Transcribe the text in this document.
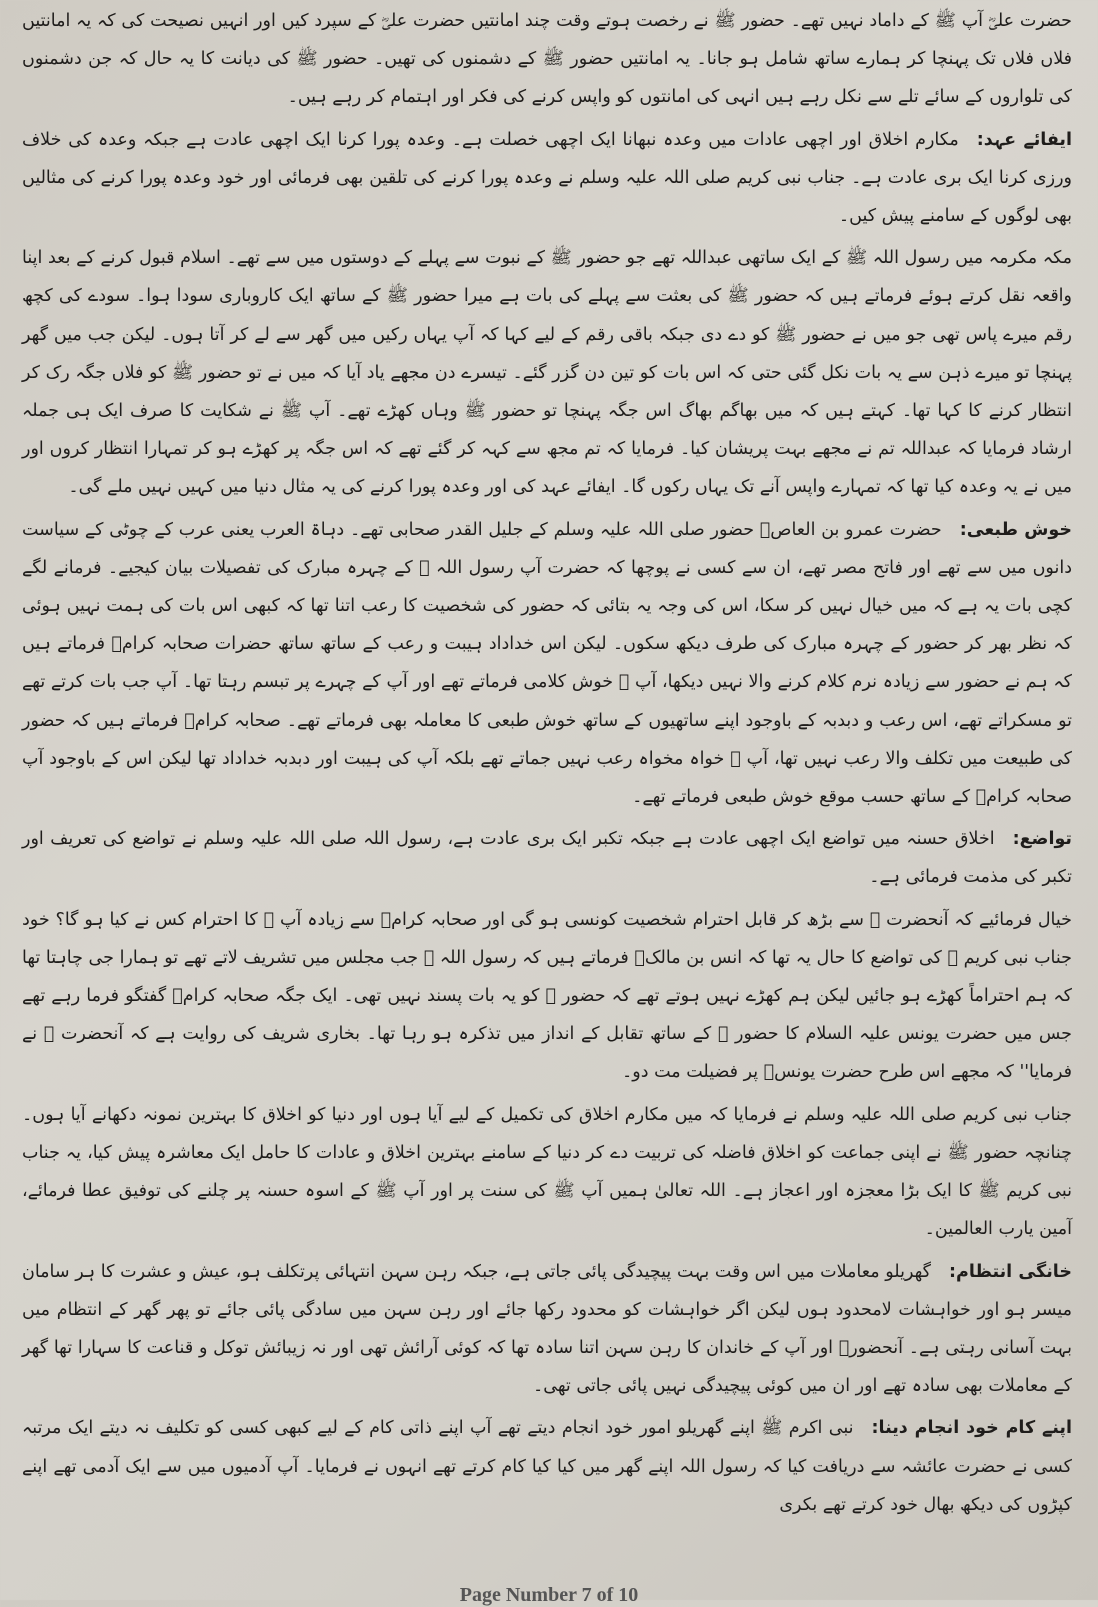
حضرت علیؓ آپ ﷺ کے داماد نہیں تھے۔ حضور ﷺ نے رخصت ہوتے وقت چند امانتیں حضرت علیؓ کے سپرد کیں اور انہیں نصیحت کی کہ یہ امانتیں فلاں فلاں تک پہنچا کر ہمارے ساتھ شامل ہو جانا۔ یہ امانتیں حضور ﷺ کے دشمنوں کی تھیں۔ حضور ﷺ کی دیانت کا یہ حال کہ جن دشمنوں کی تلواروں کے سائے تلے سے نکل رہے ہیں انہی کی امانتوں کو واپس کرنے کی فکر اور اہتمام کر رہے ہیں۔

ایفائے عہد:مکارم اخلاق اور اچھی عادات میں وعدہ نبھانا ایک اچھی خصلت ہے۔ وعدہ پورا کرنا ایک اچھی عادت ہے جبکہ وعدہ کی خلاف ورزی کرنا ایک بری عادت ہے۔ جناب نبی کریم صلی اللہ علیہ وسلم نے وعدہ پورا کرنے کی تلقین بھی فرمائی اور خود وعدہ پورا کرنے کی مثالیں بھی لوگوں کے سامنے پیش کیں۔

مکہ مکرمہ میں رسول اللہ ﷺ کے ایک ساتھی عبداللہ تھے جو حضور ﷺ کے نبوت سے پہلے کے دوستوں میں سے تھے۔ اسلام قبول کرنے کے بعد اپنا واقعہ نقل کرتے ہوئے فرماتے ہیں کہ حضور ﷺ کی بعثت سے پہلے کی بات ہے میرا حضور ﷺ کے ساتھ ایک کاروباری سودا ہوا۔ سودے کی کچھ رقم میرے پاس تھی جو میں نے حضور ﷺ کو دے دی جبکہ باقی رقم کے لیے کہا کہ آپ یہاں رکیں میں گھر سے لے کر آتا ہوں۔ لیکن جب میں گھر پہنچا تو میرے ذہن سے یہ بات نکل گئی حتی کہ اس بات کو تین دن گزر گئے۔ تیسرے دن مجھے یاد آیا کہ میں نے تو حضور ﷺ کو فلاں جگہ رک کر انتظار کرنے کا کہا تھا۔ کہتے ہیں کہ میں بھاگم بھاگ اس جگہ پہنچا تو حضور ﷺ وہاں کھڑے تھے۔ آپ ﷺ نے شکایت کا صرف ایک ہی جملہ ارشاد فرمایا کہ عبداللہ تم نے مجھے بہت پریشان کیا۔ فرمایا کہ تم مجھ سے کہہ کر گئے تھے کہ اس جگہ پر کھڑے ہو کر تمہارا انتظار کروں اور میں نے یہ وعدہ کیا تھا کہ تمہارے واپس آنے تک یہاں رکوں گا۔ ایفائے عہد کی اور وعدہ پورا کرنے کی یہ مثال دنیا میں کہیں نہیں ملے گی۔

خوش طبعی:حضرت عمرو بن العاصؓ حضور صلی اللہ علیہ وسلم کے جلیل القدر صحابی تھے۔ دہاۃ العرب یعنی عرب کے چوٹی کے سیاست دانوں میں سے تھے اور فاتح مصر تھے، ان سے کسی نے پوچھا کہ حضرت آپ رسول اللہ ﷺ کے چہرہ مبارک کی تفصیلات بیان کیجیے۔ فرمانے لگے کچی بات یہ ہے کہ میں خیال نہیں کر سکا، اس کی وجہ یہ بتائی کہ حضور کی شخصیت کا رعب اتنا تھا کہ کبھی اس بات کی ہمت نہیں ہوئی کہ نظر بھر کر حضور کے چہرہ مبارک کی طرف دیکھ سکوں۔ لیکن اس خداداد ہیبت و رعب کے ساتھ ساتھ حضرات صحابہ کرامؓ فرماتے ہیں کہ ہم نے حضور سے زیادہ نرم کلام کرنے والا نہیں دیکھا، آپ ﷺ خوش کلامی فرماتے تھے اور آپ کے چہرے پر تبسم رہتا تھا۔ آپ جب بات کرتے تھے تو مسکراتے تھے، اس رعب و دبدبہ کے باوجود اپنے ساتھیوں کے ساتھ خوش طبعی کا معاملہ بھی فرماتے تھے۔ صحابہ کرامؓ فرماتے ہیں کہ حضور کی طبیعت میں تکلف والا رعب نہیں تھا، آپ ﷺ خواہ مخواہ رعب نہیں جماتے تھے بلکہ آپ کی ہیبت اور دبدبہ خداداد تھا لیکن اس کے باوجود آپ صحابہ کرامؓ کے ساتھ حسب موقع خوش طبعی فرماتے تھے۔

تواضع:اخلاق حسنہ میں تواضع ایک اچھی عادت ہے جبکہ تکبر ایک بری عادت ہے، رسول اللہ صلی اللہ علیہ وسلم نے تواضع کی تعریف اور تکبر کی مذمت فرمائی ہے۔

خیال فرمائیے کہ آنحضرت ﷺ سے بڑھ کر قابل احترام شخصیت کونسی ہو گی اور صحابہ کرامؓ سے زیادہ آپ ﷺ کا احترام کس نے کیا ہو گا؟ خود جناب نبی کریم ﷺ کی تواضع کا حال یہ تھا کہ انس بن مالکؓ فرماتے ہیں کہ رسول اللہ ﷺ جب مجلس میں تشریف لاتے تھے تو ہمارا جی چاہتا تھا کہ ہم احتراماً کھڑے ہو جائیں لیکن ہم کھڑے نہیں ہوتے تھے کہ حضور ﷺ کو یہ بات پسند نہیں تھی۔ ایک جگہ صحابہ کرامؓ گفتگو فرما رہے تھے جس میں حضرت یونس علیہ السلام کا حضور ﷺ کے ساتھ تقابل کے انداز میں تذکرہ ہو رہا تھا۔ بخاری شریف کی روایت ہے کہ آنحضرت ﷺ نے فرمایا'' کہ مجھے اس طرح حضرت یونسؑ پر فضیلت مت دو۔

جناب نبی کریم صلی اللہ علیہ وسلم نے فرمایا کہ میں مکارم اخلاق کی تکمیل کے لیے آیا ہوں اور دنیا کو اخلاق کا بہترین نمونہ دکھانے آیا ہوں۔ چنانچہ حضور ﷺ نے اپنی جماعت کو اخلاق فاضلہ کی تربیت دے کر دنیا کے سامنے بہترین اخلاق و عادات کا حامل ایک معاشرہ پیش کیا، یہ جناب نبی کریم ﷺ کا ایک بڑا معجزہ اور اعجاز ہے۔ اللہ تعالیٰ ہمیں آپ ﷺ کی سنت پر اور آپ ﷺ کے اسوہ حسنہ پر چلنے کی توفیق عطا فرمائے، آمین یارب العالمین۔

خانگی انتظام:گھریلو معاملات میں اس وقت بہت پیچیدگی پائی جاتی ہے، جبکہ رہن سہن انتہائی پرتکلف ہو، عیش و عشرت کا ہر سامان میسر ہو اور خواہشات لامحدود ہوں لیکن اگر خواہشات کو محدود رکھا جائے اور رہن سہن میں سادگی پائی جائے تو پھر گھر کے انتظام میں بہت آسانی رہتی ہے۔ آنحضورؐ اور آپ کے خاندان کا رہن سہن اتنا سادہ تھا کہ کوئی آرائش تھی اور نہ زیبائش توکل و قناعت کا سہارا تھا گھر کے معاملات بھی سادہ تھے اور ان میں کوئی پیچیدگی نہیں پائی جاتی تھی۔

اپنے کام خود انجام دینا:نبی اکرم ﷺ اپنے گھریلو امور خود انجام دیتے تھے آپ اپنے ذاتی کام کے لیے کبھی کسی کو تکلیف نہ دیتے ایک مرتبہ کسی نے حضرت عائشہ سے دریافت کیا کہ رسول اللہ اپنے گھر میں کیا کیا کام کرتے تھے انہوں نے فرمایا۔ آپ آدمیوں میں سے ایک آدمی تھے اپنے کپڑوں کی دیکھ بھال خود کرتے تھے بکری

Page Number 7 of 10
